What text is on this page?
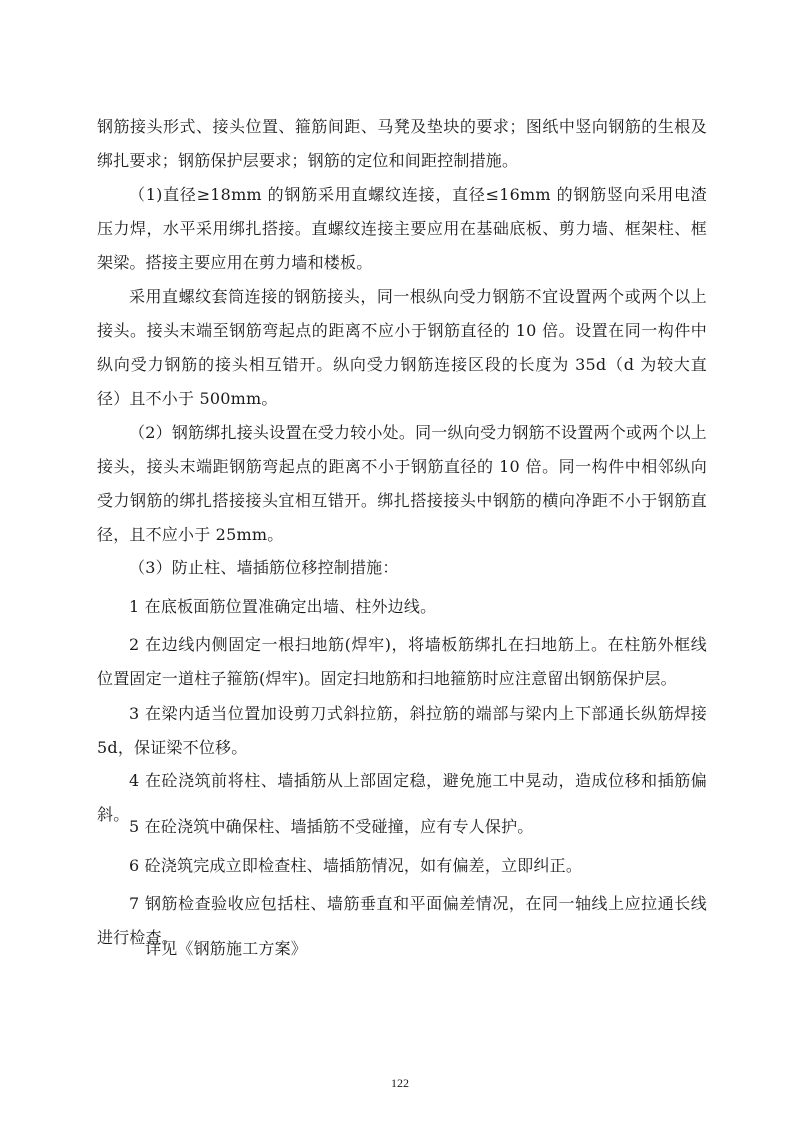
钢筋接头形式、接头位置、箍筋间距、马凳及垫块的要求；图纸中竖向钢筋的生根及绑扎要求；钢筋保护层要求；钢筋的定位和间距控制措施。

（1)直径≥18mm 的钢筋采用直螺纹连接，直径≤16mm 的钢筋竖向采用电渣压力焊，水平采用绑扎搭接。直螺纹连接主要应用在基础底板、剪力墙、框架柱、框架梁。搭接主要应用在剪力墙和楼板。

采用直螺纹套筒连接的钢筋接头，同一根纵向受力钢筋不宜设置两个或两个以上接头。接头末端至钢筋弯起点的距离不应小于钢筋直径的 10 倍。设置在同一构件中纵向受力钢筋的接头相互错开。纵向受力钢筋连接区段的长度为 35d（d 为较大直径）且不小于 500mm。

（2）钢筋绑扎接头设置在受力较小处。同一纵向受力钢筋不设置两个或两个以上接头，接头末端距钢筋弯起点的距离不小于钢筋直径的 10 倍。同一构件中相邻纵向受力钢筋的绑扎搭接接头宜相互错开。绑扎搭接接头中钢筋的横向净距不小于钢筋直径，且不应小于 25mm。

（3）防止柱、墙插筋位移控制措施：

1 在底板面筋位置准确定出墙、柱外边线。

2 在边线内侧固定一根扫地筋(焊牢)，将墙板筋绑扎在扫地筋上。在柱筋外框线位置固定一道柱子箍筋(焊牢)。固定扫地筋和扫地箍筋时应注意留出钢筋保护层。

3 在梁内适当位置加设剪刀式斜拉筋，斜拉筋的端部与梁内上下部通长纵筋焊接 5d，保证梁不位移。

4 在砼浇筑前将柱、墙插筋从上部固定稳，避免施工中晃动，造成位移和插筋偏斜。

5 在砼浇筑中确保柱、墙插筋不受碰撞，应有专人保护。

6 砼浇筑完成立即检查柱、墙插筋情况，如有偏差，立即纠正。

7 钢筋检查验收应包括柱、墙筋垂直和平面偏差情况，在同一轴线上应拉通长线进行检查。

详见《钢筋施工方案》

122
